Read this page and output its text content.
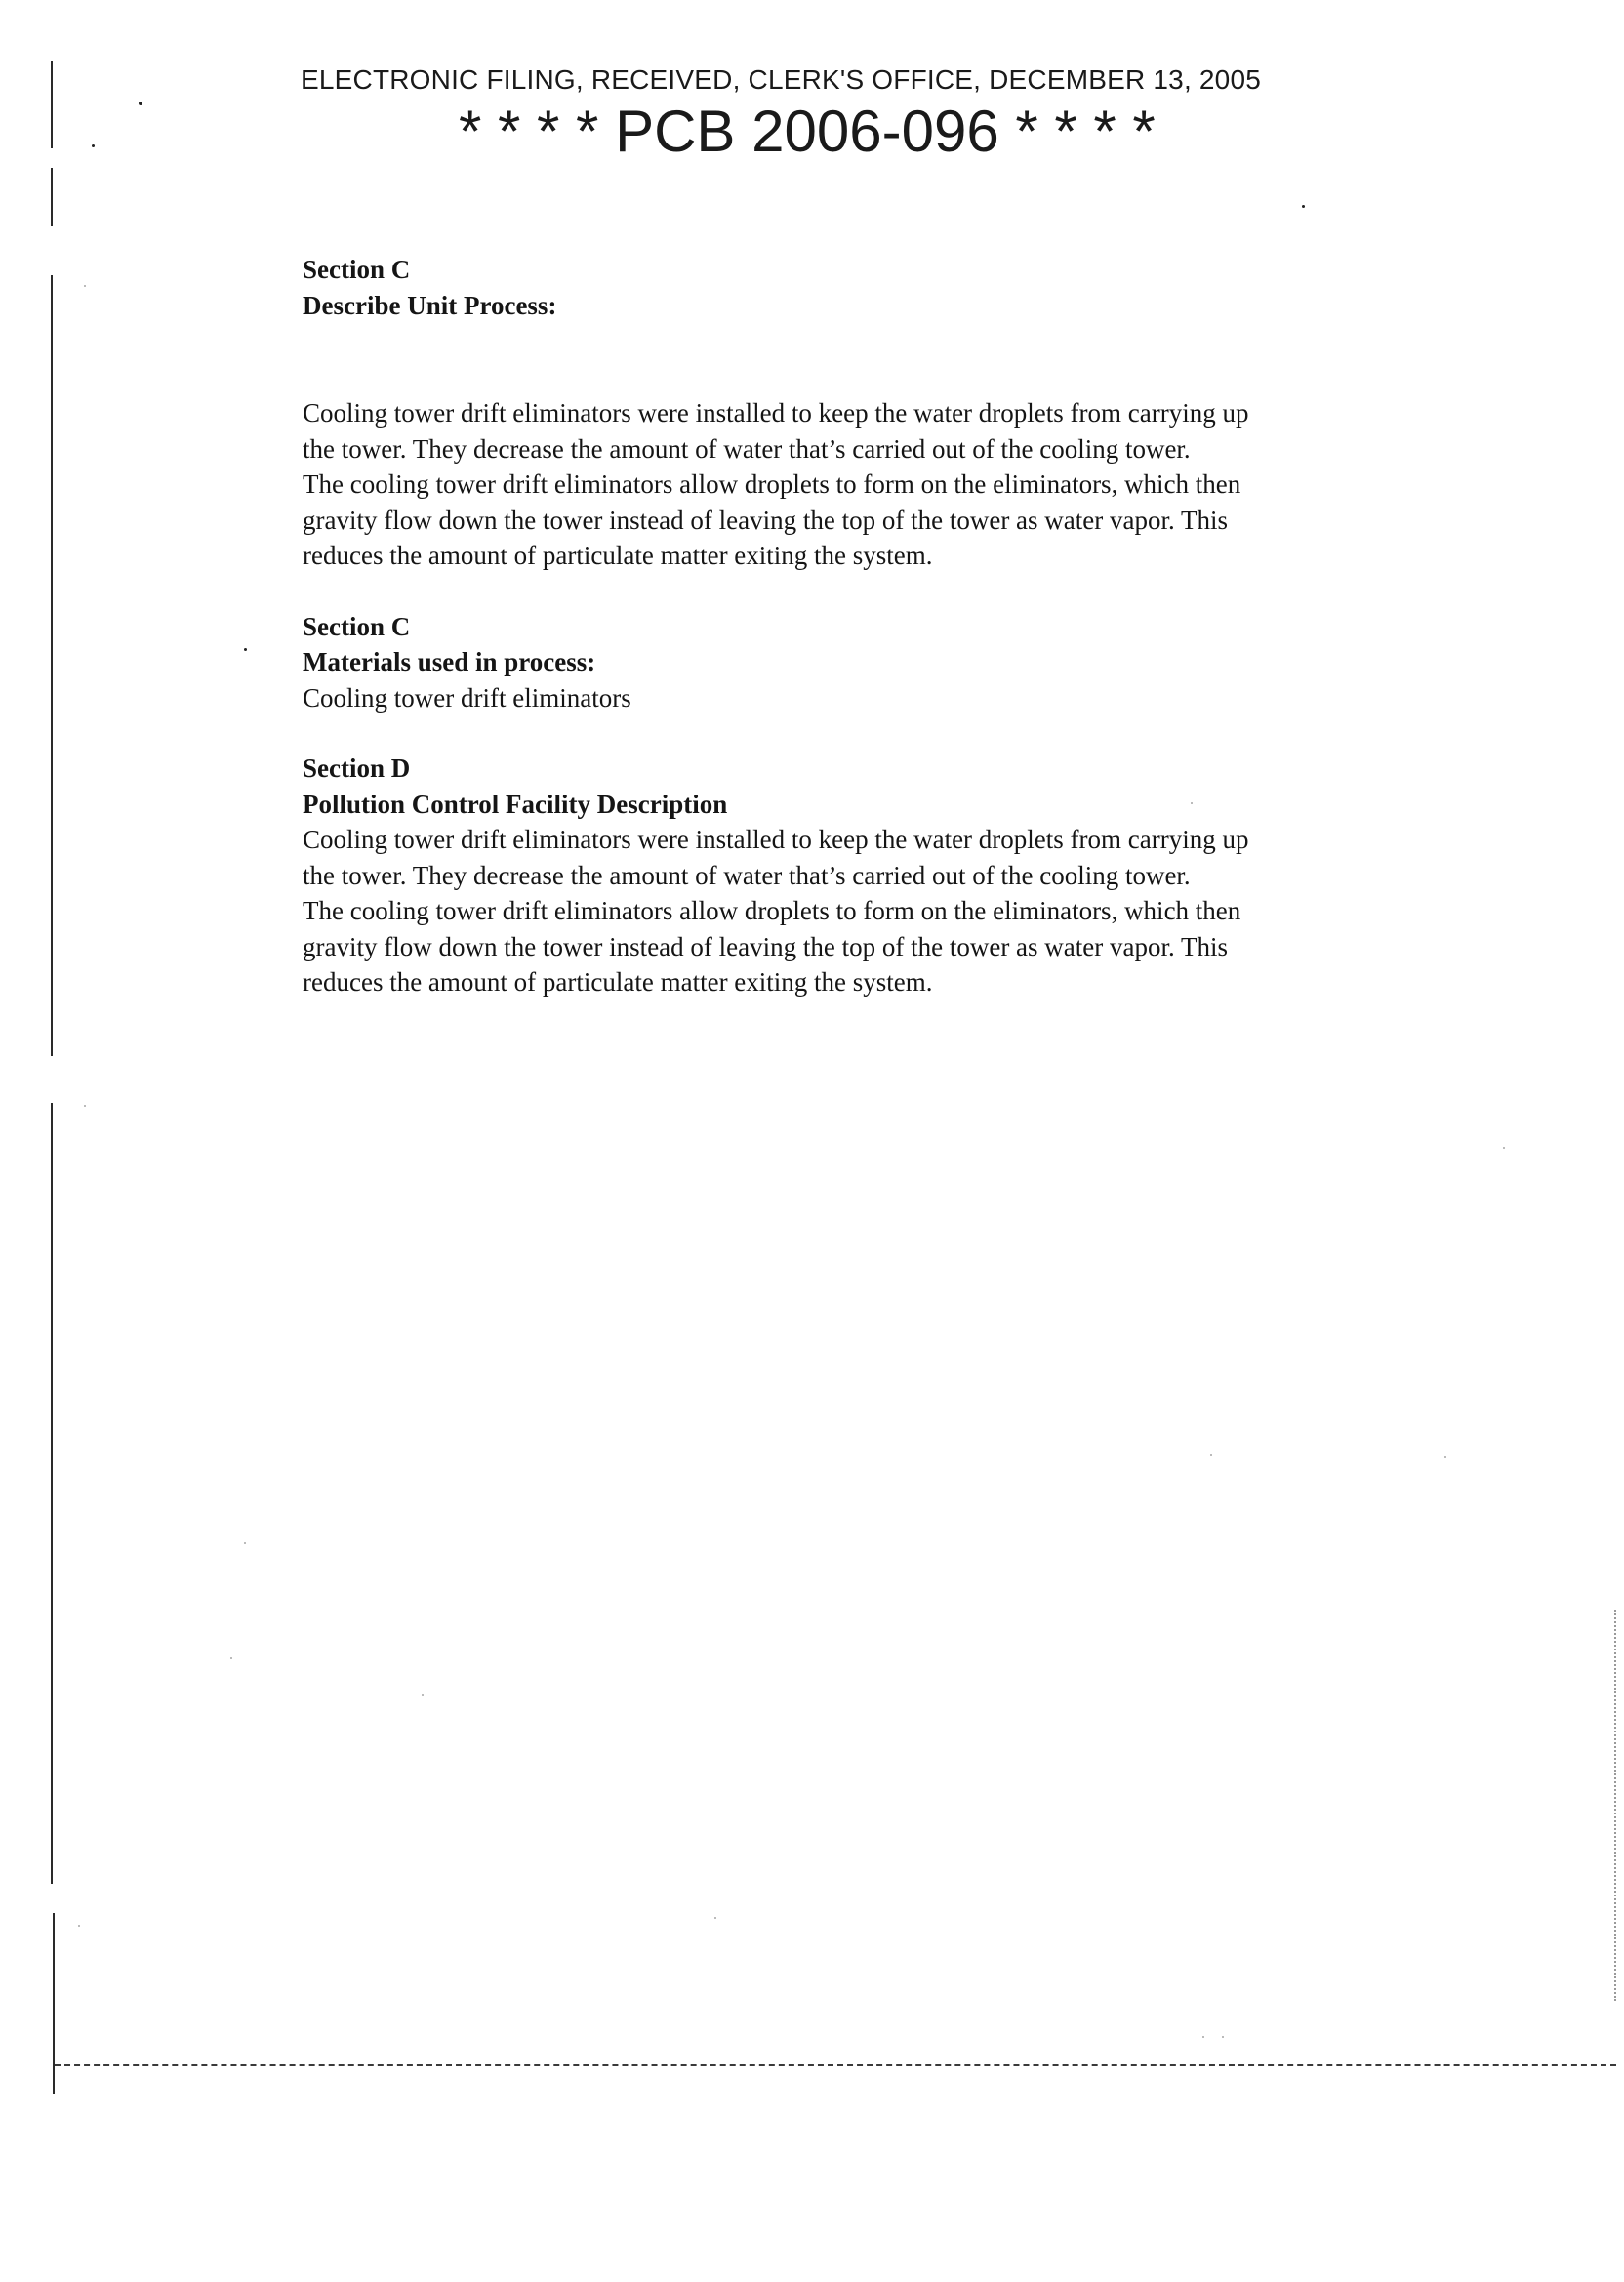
ELECTRONIC FILING, RECEIVED, CLERK'S OFFICE, DECEMBER 13, 2005
* * * * PCB 2006-096 * * * *
Section C
Describe Unit Process:
Cooling tower drift eliminators were installed to keep the water droplets from carrying up
the tower. They decrease the amount of water that’s carried out of the cooling tower.
The cooling tower drift eliminators allow droplets to form on the eliminators, which then
gravity flow down the tower instead of leaving the top of the tower as water vapor. This
reduces the amount of particulate matter exiting the system.
Section C
Materials used in process:
Cooling tower drift eliminators
Section D
Pollution Control Facility Description
Cooling tower drift eliminators were installed to keep the water droplets from carrying up
the tower. They decrease the amount of water that’s carried out of the cooling tower.
The cooling tower drift eliminators allow droplets to form on the eliminators, which then
gravity flow down the tower instead of leaving the top of the tower as water vapor. This
reduces the amount of particulate matter exiting the system.
